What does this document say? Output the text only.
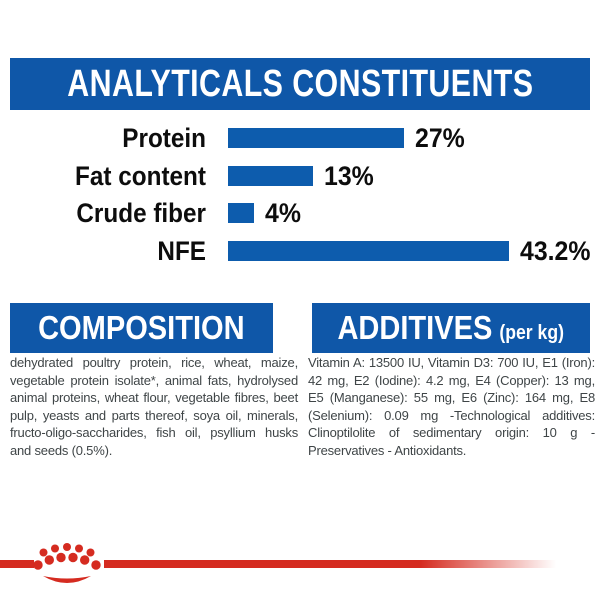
ANALYTICALS CONSTITUENTS
Protein	27%
Fat content	13%
Crude fiber 4%
NFE	43.2%
COMPOSITION	ADDITIVES (per kg)

dehydrated poultry protein, rice, wheat, maize, vegetable protein isolate*, animal fats, hydrolysed animal proteins, wheat flour, vegetable fibres, beet pulp, yeasts and parts thereof, soya oil, minerals, fructo-oligo-saccharides, fish oil, psyllium husks and seeds (0.5%).

Vitamin A: 13500 IU, Vitamin D3: 700 IU, E1 (Iron): 42 mg, E2 (Iodine): 4.2 mg, E4 (Copper): 13 mg, E5 (Manganese): 55 mg, E6 (Zinc): 164 mg, E8 (Selenium): 0.09 mg -Technological additives: Clinoptilolite of sedimentary origin: 10 g - Preservatives - Antioxidants.
